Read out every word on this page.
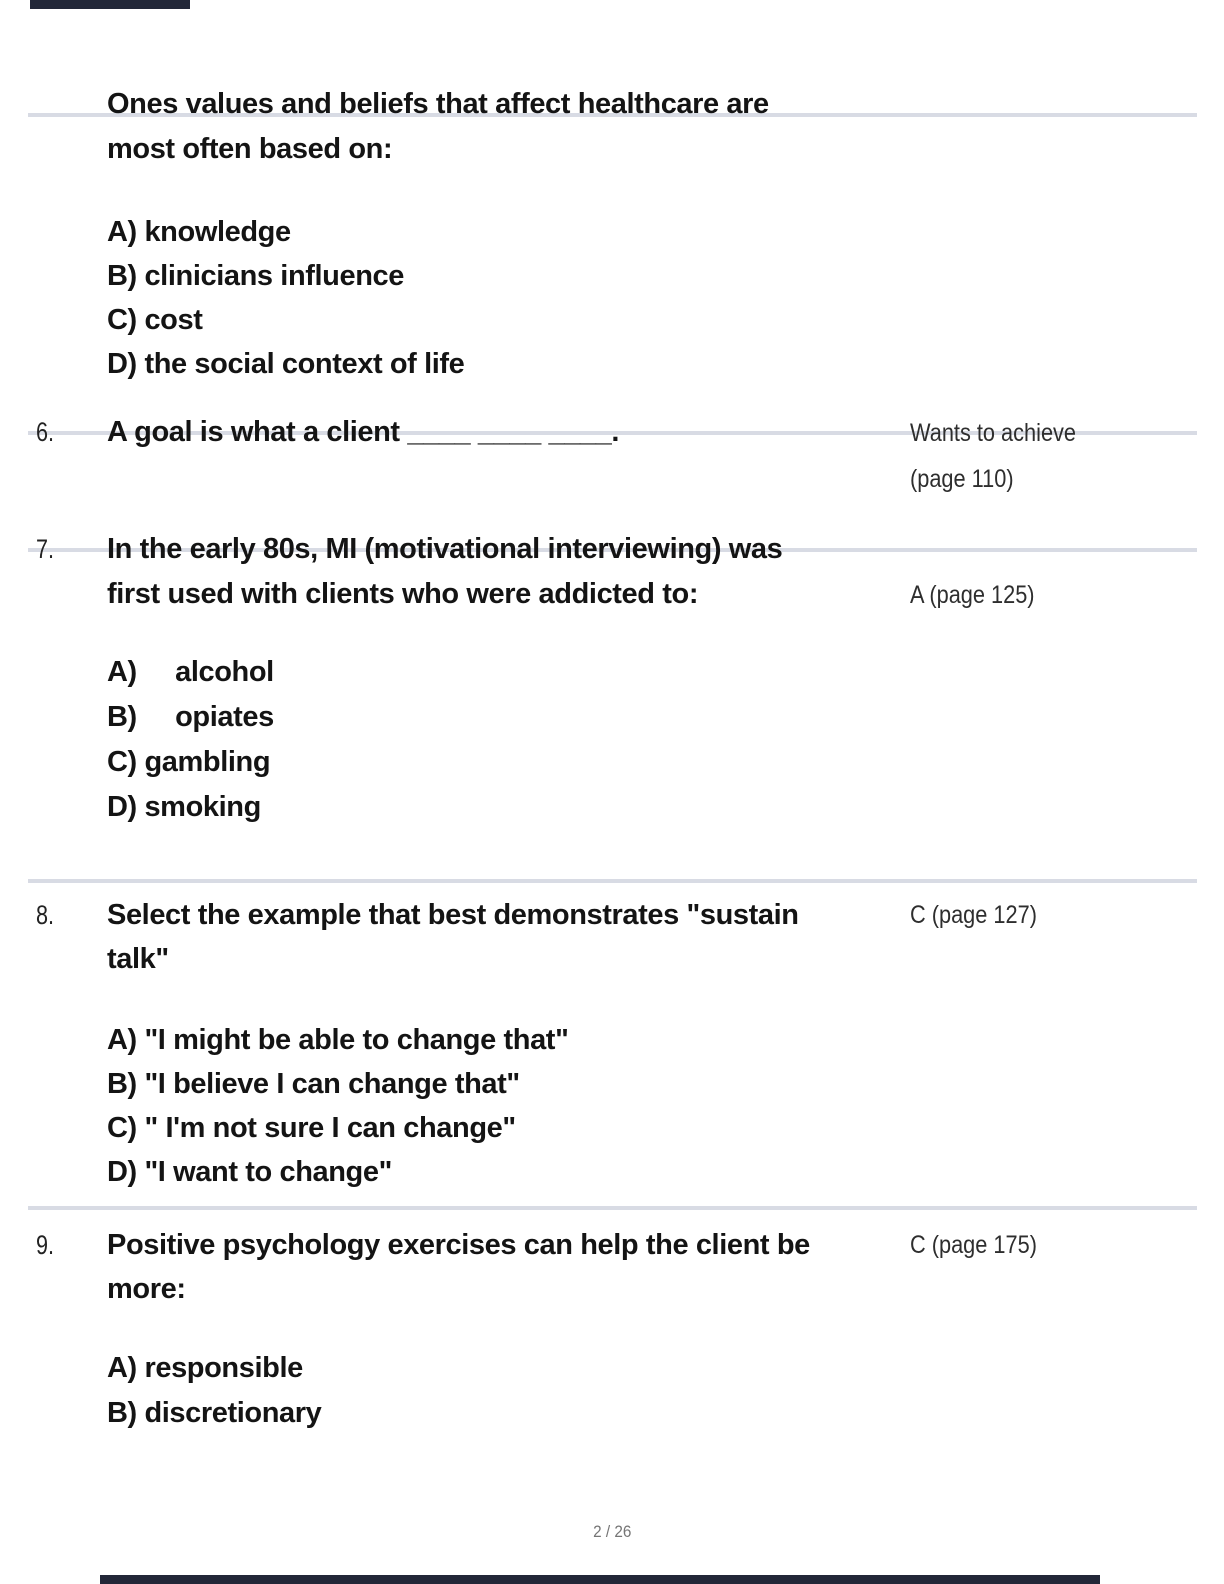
Ones values and beliefs that affect healthcare are
most often based on:
A) knowledge
B) clinicians influence
C) cost
D) the social context of life
6. A goal is what a client ____ ____ ____.	Wants to achieve (page 110)
7. In the early 80s, MI (motivational interviewing) was
first used with clients who were addicted to:	A (page 125)
A)     alcohol
B)     opiates
C) gambling
D) smoking
8. Select the example that best demonstrates "sustain
talk"
C (page 127)
A) "I might be able to change that"
B) "I believe I can change that"
C) " I'm not sure I can change"
D) "I want to change"
9. Positive psychology exercises can help the client be
more:
C (page 175)
A) responsible
B) discretionary
2 / 26
